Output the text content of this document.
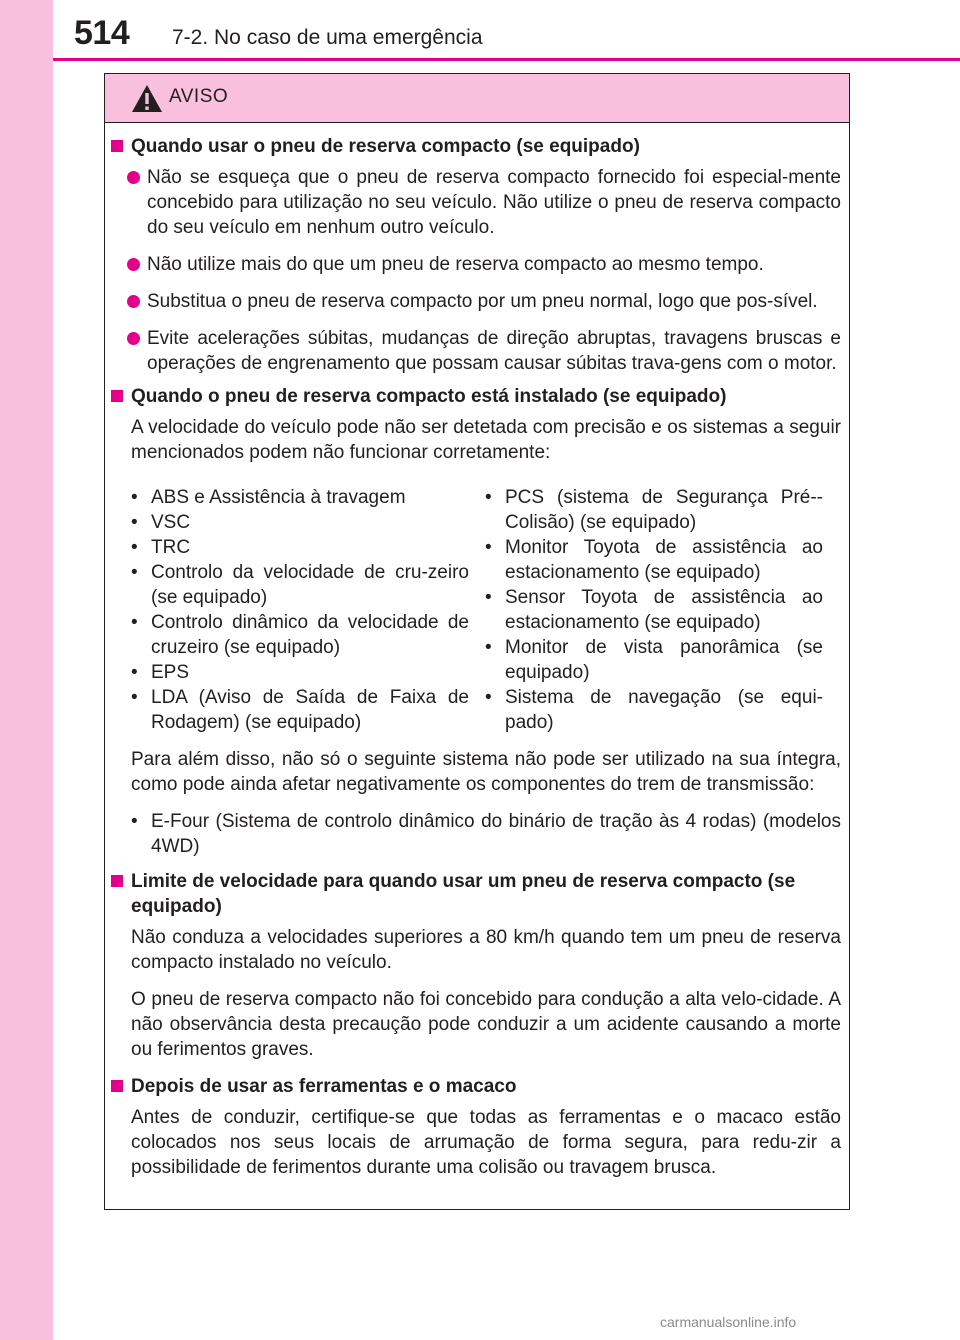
514 7-2. No caso de uma emergência
AVISO
Quando usar o pneu de reserva compacto (se equipado)
Não se esqueça que o pneu de reserva compacto fornecido foi especial-mente concebido para utilização no seu veículo. Não utilize o pneu de reserva compacto do seu veículo em nenhum outro veículo.
Não utilize mais do que um pneu de reserva compacto ao mesmo tempo.
Substitua o pneu de reserva compacto por um pneu normal, logo que pos-sível.
Evite acelerações súbitas, mudanças de direção abruptas, travagens bruscas e operações de engrenamento que possam causar súbitas trava-gens com o motor.
Quando o pneu de reserva compacto está instalado (se equipado)
A velocidade do veículo pode não ser detetada com precisão e os sistemas a seguir mencionados podem não funcionar corretamente:
• ABS e Assistência à travagem
• VSC
• TRC
• Controlo da velocidade de cru-zeiro (se equipado)
• Controlo dinâmico da velocidade de cruzeiro (se equipado)
• EPS
• LDA (Aviso de Saída de Faixa de Rodagem) (se equipado)
• PCS (sistema de Segurança Pré--Colisão) (se equipado)
• Monitor Toyota de assistência ao estacionamento (se equipado)
• Sensor Toyota de assistência ao estacionamento (se equipado)
• Monitor de vista panorâmica (se equipado)
• Sistema de navegação (se equi-pado)
Para além disso, não só o seguinte sistema não pode ser utilizado na sua íntegra, como pode ainda afetar negativamente os componentes do trem de transmissão:
• E-Four (Sistema de controlo dinâmico do binário de tração às 4 rodas) (modelos 4WD)
Limite de velocidade para quando usar um pneu de reserva compacto (se equipado)
Não conduza a velocidades superiores a 80 km/h quando tem um pneu de reserva compacto instalado no veículo.
O pneu de reserva compacto não foi concebido para condução a alta velo-cidade. A não observância desta precaução pode conduzir a um acidente causando a morte ou ferimentos graves.
Depois de usar as ferramentas e o macaco
Antes de conduzir, certifique-se que todas as ferramentas e o macaco estão colocados nos seus locais de arrumação de forma segura, para redu-zir a possibilidade de ferimentos durante uma colisão ou travagem brusca.
carmanualsonline.info
